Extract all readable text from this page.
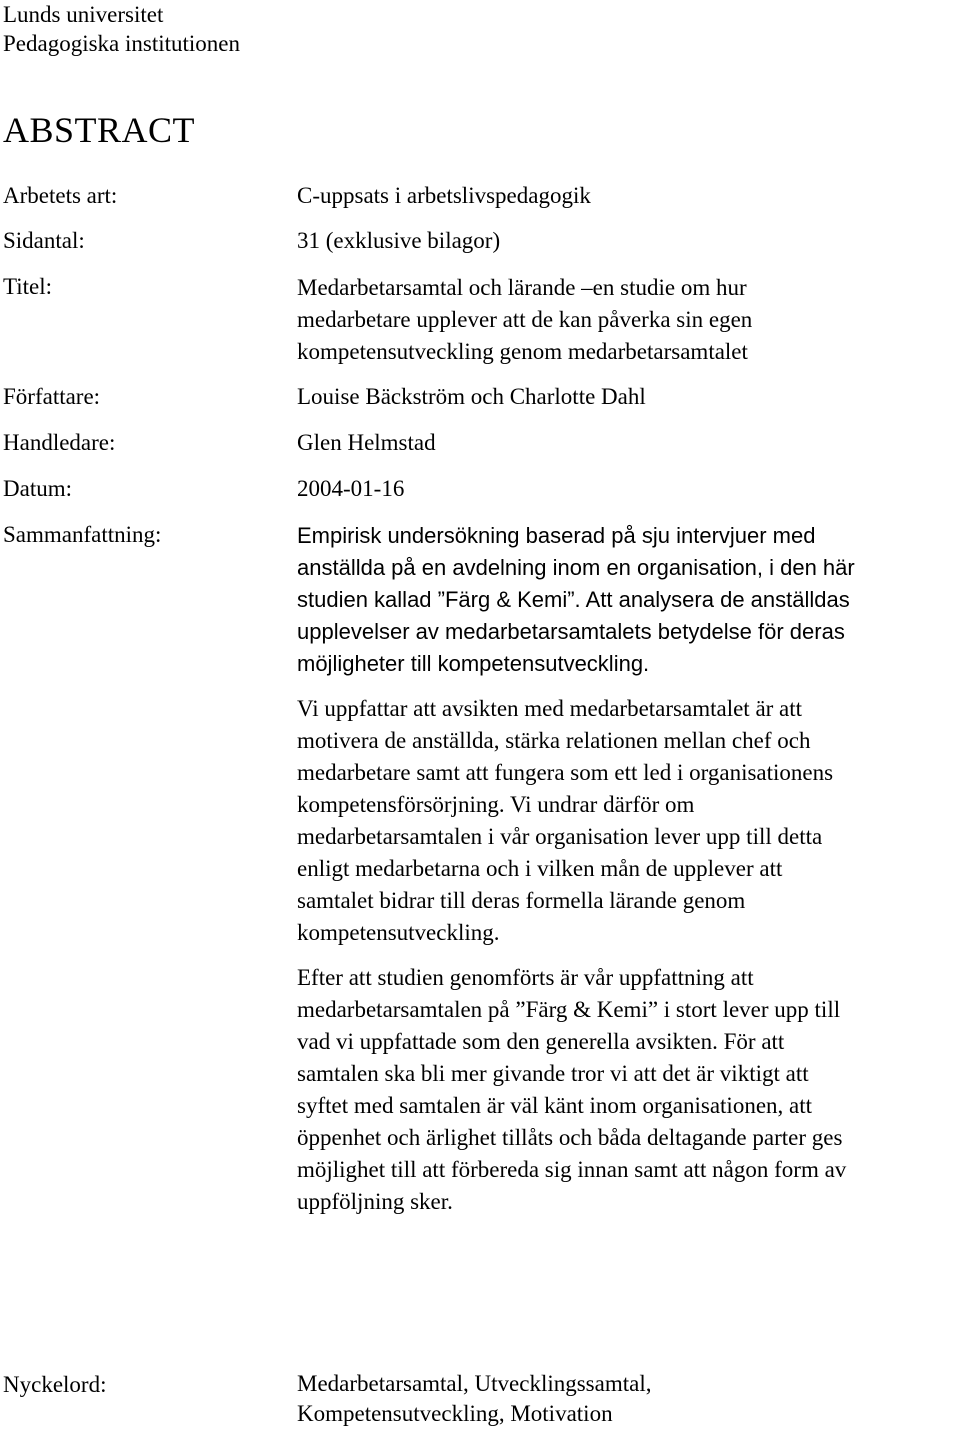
Lunds universitet

Pedagogiska institutionen

ABSTRACT

Arbetets art:	C-uppsats i arbetslivspedagogik

Sidantal:	31 (exklusive bilagor)

Titel:	Medarbetarsamtal och lärande –en studie om hur
medarbetare upplever att de kan påverka sin egen
kompetensutveckling genom medarbetarsamtalet

Författare:	Louise Bäckström och Charlotte Dahl

Handledare:	Glen Helmstad

Datum:	2004-01-16

Sammanfattning:	Empirisk undersökning baserad på sju intervjuer med
anställda på en avdelning inom en organisation, i den här
studien kallad ”Färg & Kemi”. Att analysera de anställdas
upplevelser av medarbetarsamtalets betydelse för deras
möjligheter till kompetensutveckling.
Vi uppfattar att avsikten med medarbetarsamtalet är att
motivera de anställda, stärka relationen mellan chef och
medarbetare samt att fungera som ett led i organisationens
kompetensförsörjning. Vi undrar därför om
medarbetarsamtalen i vår organisation lever upp till detta
enligt medarbetarna och i vilken mån de upplever att
samtalet bidrar till deras formella lärande genom
kompetensutveckling.
Efter att studien genomförts är vår uppfattning att
medarbetarsamtalen på ”Färg & Kemi” i stort lever upp till
vad vi uppfattade som den generella avsikten. För att
samtalen ska bli mer givande tror vi att det är viktigt att
syftet med samtalen är väl känt inom organisationen, att
öppenhet och ärlighet tillåts och båda deltagande parter ges
möjlighet till att förbereda sig innan samt att någon form av
uppföljning sker.

Nyckelord:	Medarbetarsamtal, Utvecklingssamtal,
Kompetensutveckling, Motivation
